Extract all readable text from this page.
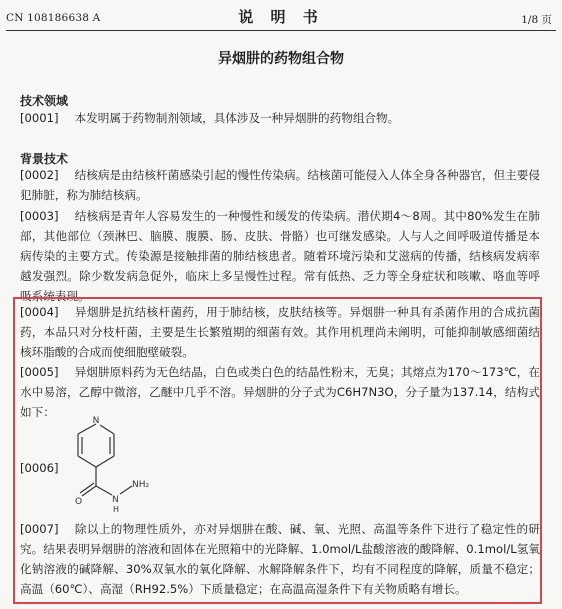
CN 108186638 A	说 明 书	1/8 页
异烟肼的药物组合物
技术领域

[0001] 本发明属于药物制剂领域，具体涉及一种异烟肼的药物组合物。

背景技术

[0002] 结核病是由结核杆菌感染引起的慢性传染病。结核菌可能侵入人体全身各种器官，但主要侵犯肺脏，称为肺结核病。

[0003] 结核病是青年人容易发生的一种慢性和缓发的传染病。潜伏期4～8周。其中80%发生在肺部，其他部位（颈淋巴、脑膜、腹膜、肠、皮肤、骨骼）也可继发感染。人与人之间呼吸道传播是本病传染的主要方式。传染源是接触排菌的肺结核患者。随着环境污染和艾滋病的传播，结核病发病率越发强烈。除少数发病急促外，临床上多呈慢性过程。常有低热、乏力等全身症状和咳嗽、咯血等呼吸系统表现。

[0004] 异烟肼是抗结核杆菌药，用于肺结核，皮肤结核等。异烟肼一种具有杀菌作用的合成抗菌药，本品只对分枝杆菌，主要是生长繁殖期的细菌有效。其作用机理尚未阐明，可能抑制敏感细菌结核环脂酸的合成而使细胞壁破裂。

[0005] 异烟肼原料药为无色结晶，白色或类白色的结晶性粉末，无臭；其熔点为170～173℃，在水中易溶，乙醇中微溶，乙醚中几乎不溶。异烟肼的分子式为C6H7N3O，分子量为137.14，结构式如下：

[0006]
N
O	N
H
NH₂

[0007] 除以上的物理性质外，亦对异烟肼在酸、碱、氧、光照、高温等条件下进行了稳定性的研究。结果表明异烟肼的溶液和固体在光照箱中的光降解、1.0mol/L盐酸溶液的酸降解、0.1mol/L氢氧化钠溶液的碱降解、30%双氧水的氧化降解、水解降解条件下，均有不同程度的降解，质量不稳定；高温（60℃）、高湿（RH92.5%）下质量稳定；在高温高湿条件下有关物质略有增长。
